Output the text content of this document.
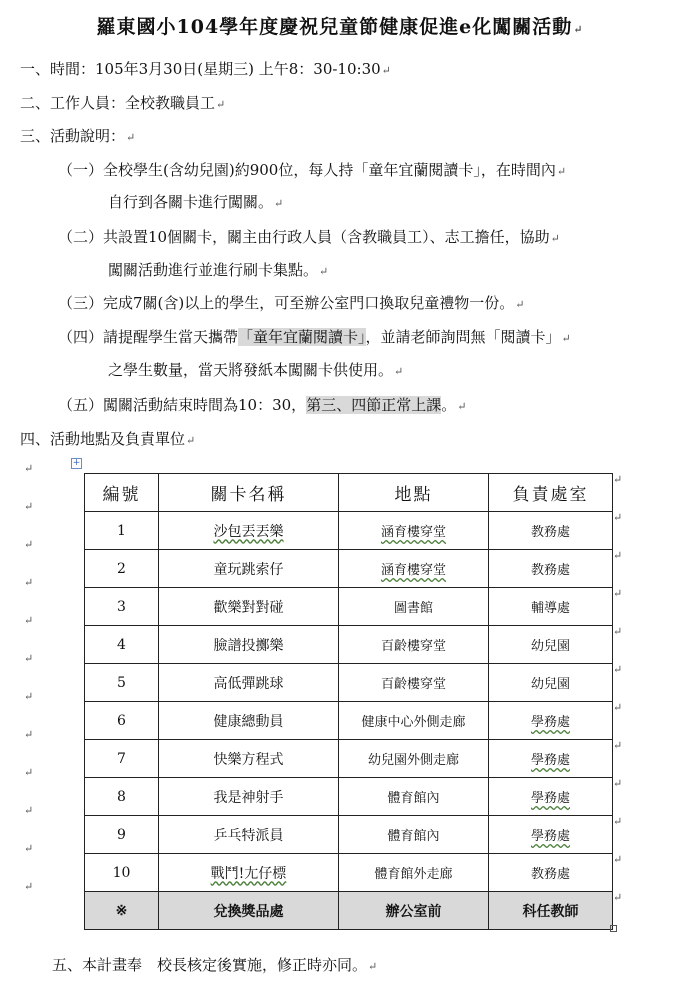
羅東國小104學年度慶祝兒童節健康促進e化闖關活動↵
一、時間：105年3月30日(星期三) 上午8：30-10:30↵
二、工作人員：全校教職員工↵
三、活動說明：↵
（一）全校學生(含幼兒園)約900位，每人持「童年宜蘭閱讀卡」，在時間內↵
自行到各關卡進行闖關。↵
（二）共設置10個關卡，關主由行政人員（含教職員工）、志工擔任，協助↵
闖關活動進行並進行刷卡集點。↵
（三）完成7關(含)以上的學生，可至辦公室門口換取兒童禮物一份。↵
（四）請提醒學生當天攜帶「童年宜蘭閱讀卡」，並請老師詢問無「閱讀卡」↵
之學生數量，當天將發紙本闖關卡供使用。↵
（五）闖關活動結束時間為10：30，第三、四節正常上課。↵
四、活動地點及負責單位↵
+
↵
↵
↵
↵
↵
↵
↵
↵
↵
↵
↵
↵
編號	關卡名稱	地點	負責處室
1	沙包丟丟樂	涵育樓穿堂	教務處
2	童玩跳索仔	涵育樓穿堂	教務處
3	歡樂對對碰	圖書館	輔導處
4	臉譜投擲樂	百齡樓穿堂	幼兒園
5	高低彈跳球	百齡樓穿堂	幼兒園
6	健康總動員	健康中心外側走廊	學務處
7	快樂方程式	幼兒園外側走廊	學務處
8	我是神射手	體育館內	學務處
9	乒乓特派員	體育館內	學務處
10	戰鬥!尢仔標	體育館外走廊	教務處
※	兌換獎品處	辦公室前	科任教師
↵
↵
↵
↵
↵
↵
↵
↵
↵
↵
↵
↵
五、本計畫奉　校長核定後實施，修正時亦同。↵
